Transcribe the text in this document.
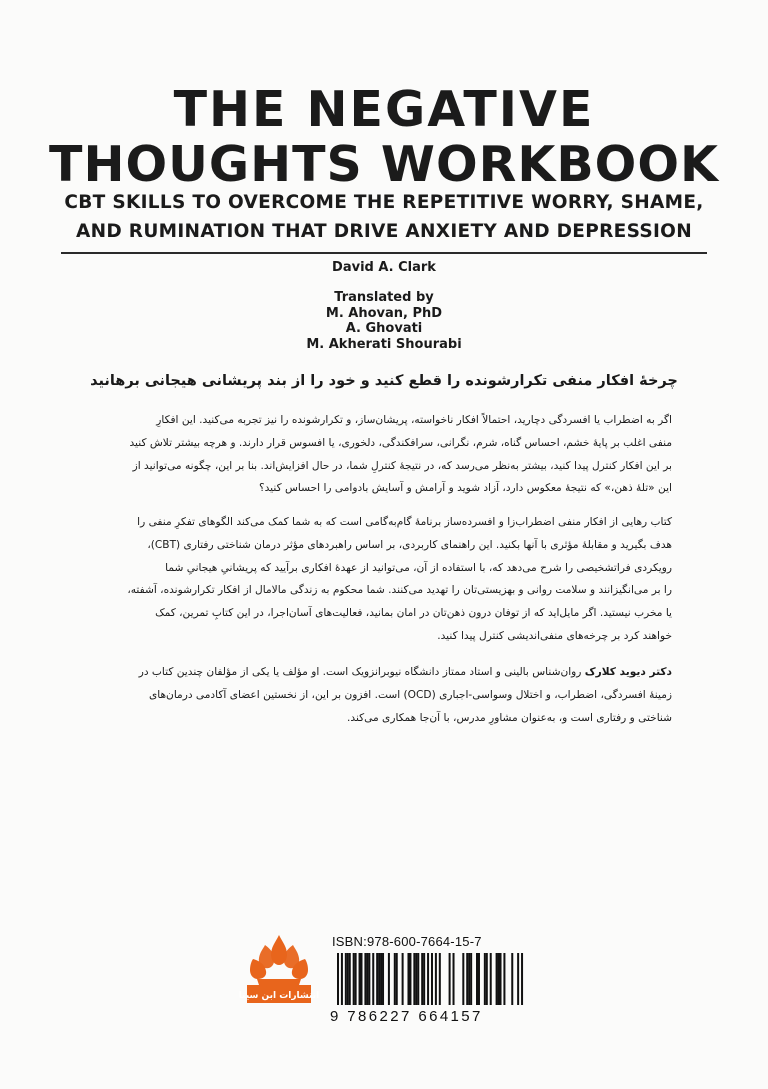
THE NEGATIVE
THOUGHTS WORKBOOK
CBT SKILLS TO OVERCOME THE REPETITIVE WORRY, SHAME,
AND RUMINATION THAT DRIVE ANXIETY AND DEPRESSION
David A. Clark
Translated by
M. Ahovan, PhD
A. Ghovati
M. Akherati Shourabi
چرخهٔ افکار منفی تکرارشونده را قطع کنید و خود را از بند پریشانی هیجانی برهانید
اگر به اضطراب یا افسردگی دچارید، احتمالاً افکار ناخواسته، پریشان‌ساز، و تکرارشونده را نیز تجربه می‌کنید. این افکارِ
منفی اغلب بر پایهٔ خشم، احساس گناه، شرم، نگرانی، سرافکندگی، دلخوری، یا افسوس قرار دارند. و هرچه بیشتر تلاش کنید
بر این افکار کنترل پیدا کنید، بیشتر به‌نظر می‌رسد که، در نتیجهٔ کنترلِ شما، در حال افزایش‌اند. بنا بر این، چگونه می‌توانید از
این «تلهٔ ذهن،» که نتیجهٔ معکوس دارد، آزاد شوید و آرامش و آسایش بادوامی را احساس کنید؟
کتاب رهایی از افکار منفی اضطراب‌زا و افسرده‌ساز برنامهٔ گام‌به‌گامی است که به شما کمک می‌کند الگوهای تفکرِ منفی را
هدف بگیرید و مقابلهٔ مؤثری با آنها بکنید. این راهنمای کاربردی، بر اساس راهبردهای مؤثر درمان شناختی رفتاری (CBT)،
رویکردی فراتشخیصی را شرح می‌دهد که، با استفاده از آن، می‌توانید از عهدهٔ افکاری برآیید که پریشانیِ هیجانیِ شما
را بر می‌انگیزانند و سلامت روانی و بهزیستی‌تان را تهدید می‌کنند. شما محکوم به زندگی مالامال از افکار تکرارشونده، آشفته،
یا مخرب نیستید. اگر مایل‌اید که از توفان درون ذهن‌تان در امان بمانید، فعالیت‌های آسان‌اجرا، در این کتابِ تمرین، کمک
خواهند کرد بر چرخه‌های منفی‌اندیشی کنترل پیدا کنید.
دکتر دیوید کلارک روان‌شناس بالینی و استاد ممتاز دانشگاه نیوبرانزویک است. او مؤلف یا یکی از مؤلفان چندین کتاب در
زمینهٔ افسردگی، اضطراب، و اختلال وسواسی-اجباری (OCD) است. افزون بر این، از نخستین اعضای آکادمی درمان‌های
شناختی و رفتاری است و، به‌عنوان مشاورِ مدرس، با آن‌جا همکاری می‌کند.
انتشارات ابن سینا
ISBN:978-600-7664-15-7
9 786227 664157
